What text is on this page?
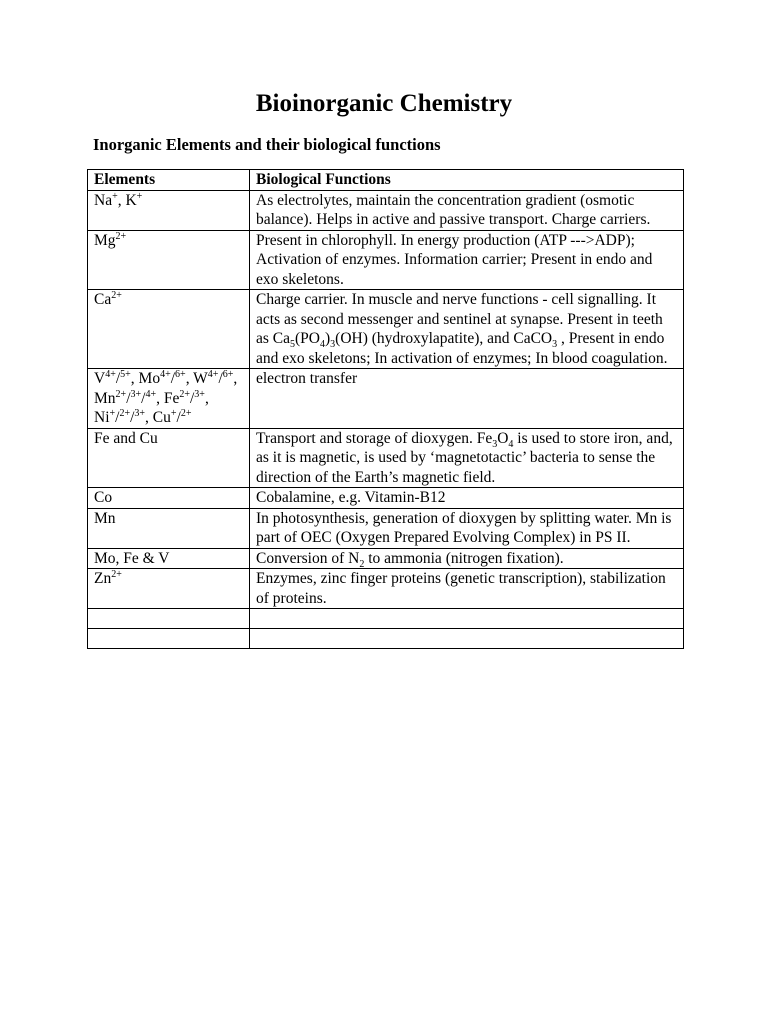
Bioinorganic Chemistry
Inorganic Elements and their biological functions
Elements	Biological Functions
Na+, K+	As electrolytes, maintain the concentration gradient (osmotic balance). Helps in active and passive transport. Charge carriers.
$Mg^{2+}$	Present in chlorophyll. In energy production (ATP --->ADP); Activation of enzymes. Information carrier; Present in endo and exo skeletons.
$Ca^{2+}$	Charge carrier. In muscle and nerve functions - cell signalling. It acts as second messenger and sentinel at synapse. Present in teeth as $Ca_5(PO_4)_3(OH)$ (hydroxylapatite), and CaCO$_3$ , Present in endo and exo skeletons; In activation of enzymes; In blood coagulation.
$V^{4+}/^{5+}$, $Mo^{4+}/^{6+}$, $W^{4+}/^{6+}$, $Mn^{2+}/^{3+}/^{4+}$, $Fe^{2+}/^{3+}$, Ni+/$^{2+}$/$^{3+}$, Cu+/$^{2+}$	electron transfer
Fe and Cu	Transport and storage of dioxygen. $Fe_3O_4$ is used to store iron, and, as it is magnetic, is used by ‘magnetotactic’ bacteria to sense the direction of the Earth’s magnetic field.
Co	Cobalamine, e.g. Vitamin-B12
Mn	In photosynthesis, generation of dioxygen by splitting water. Mn is part of OEC (Oxygen Prepared Evolving Complex) in PS II.
Mo, Fe & V	Conversion of $N_2$ to ammonia (nitrogen fixation).
$Zn^{2+}$	Enzymes, zinc finger proteins (genetic transcription), stabilization of proteins.
